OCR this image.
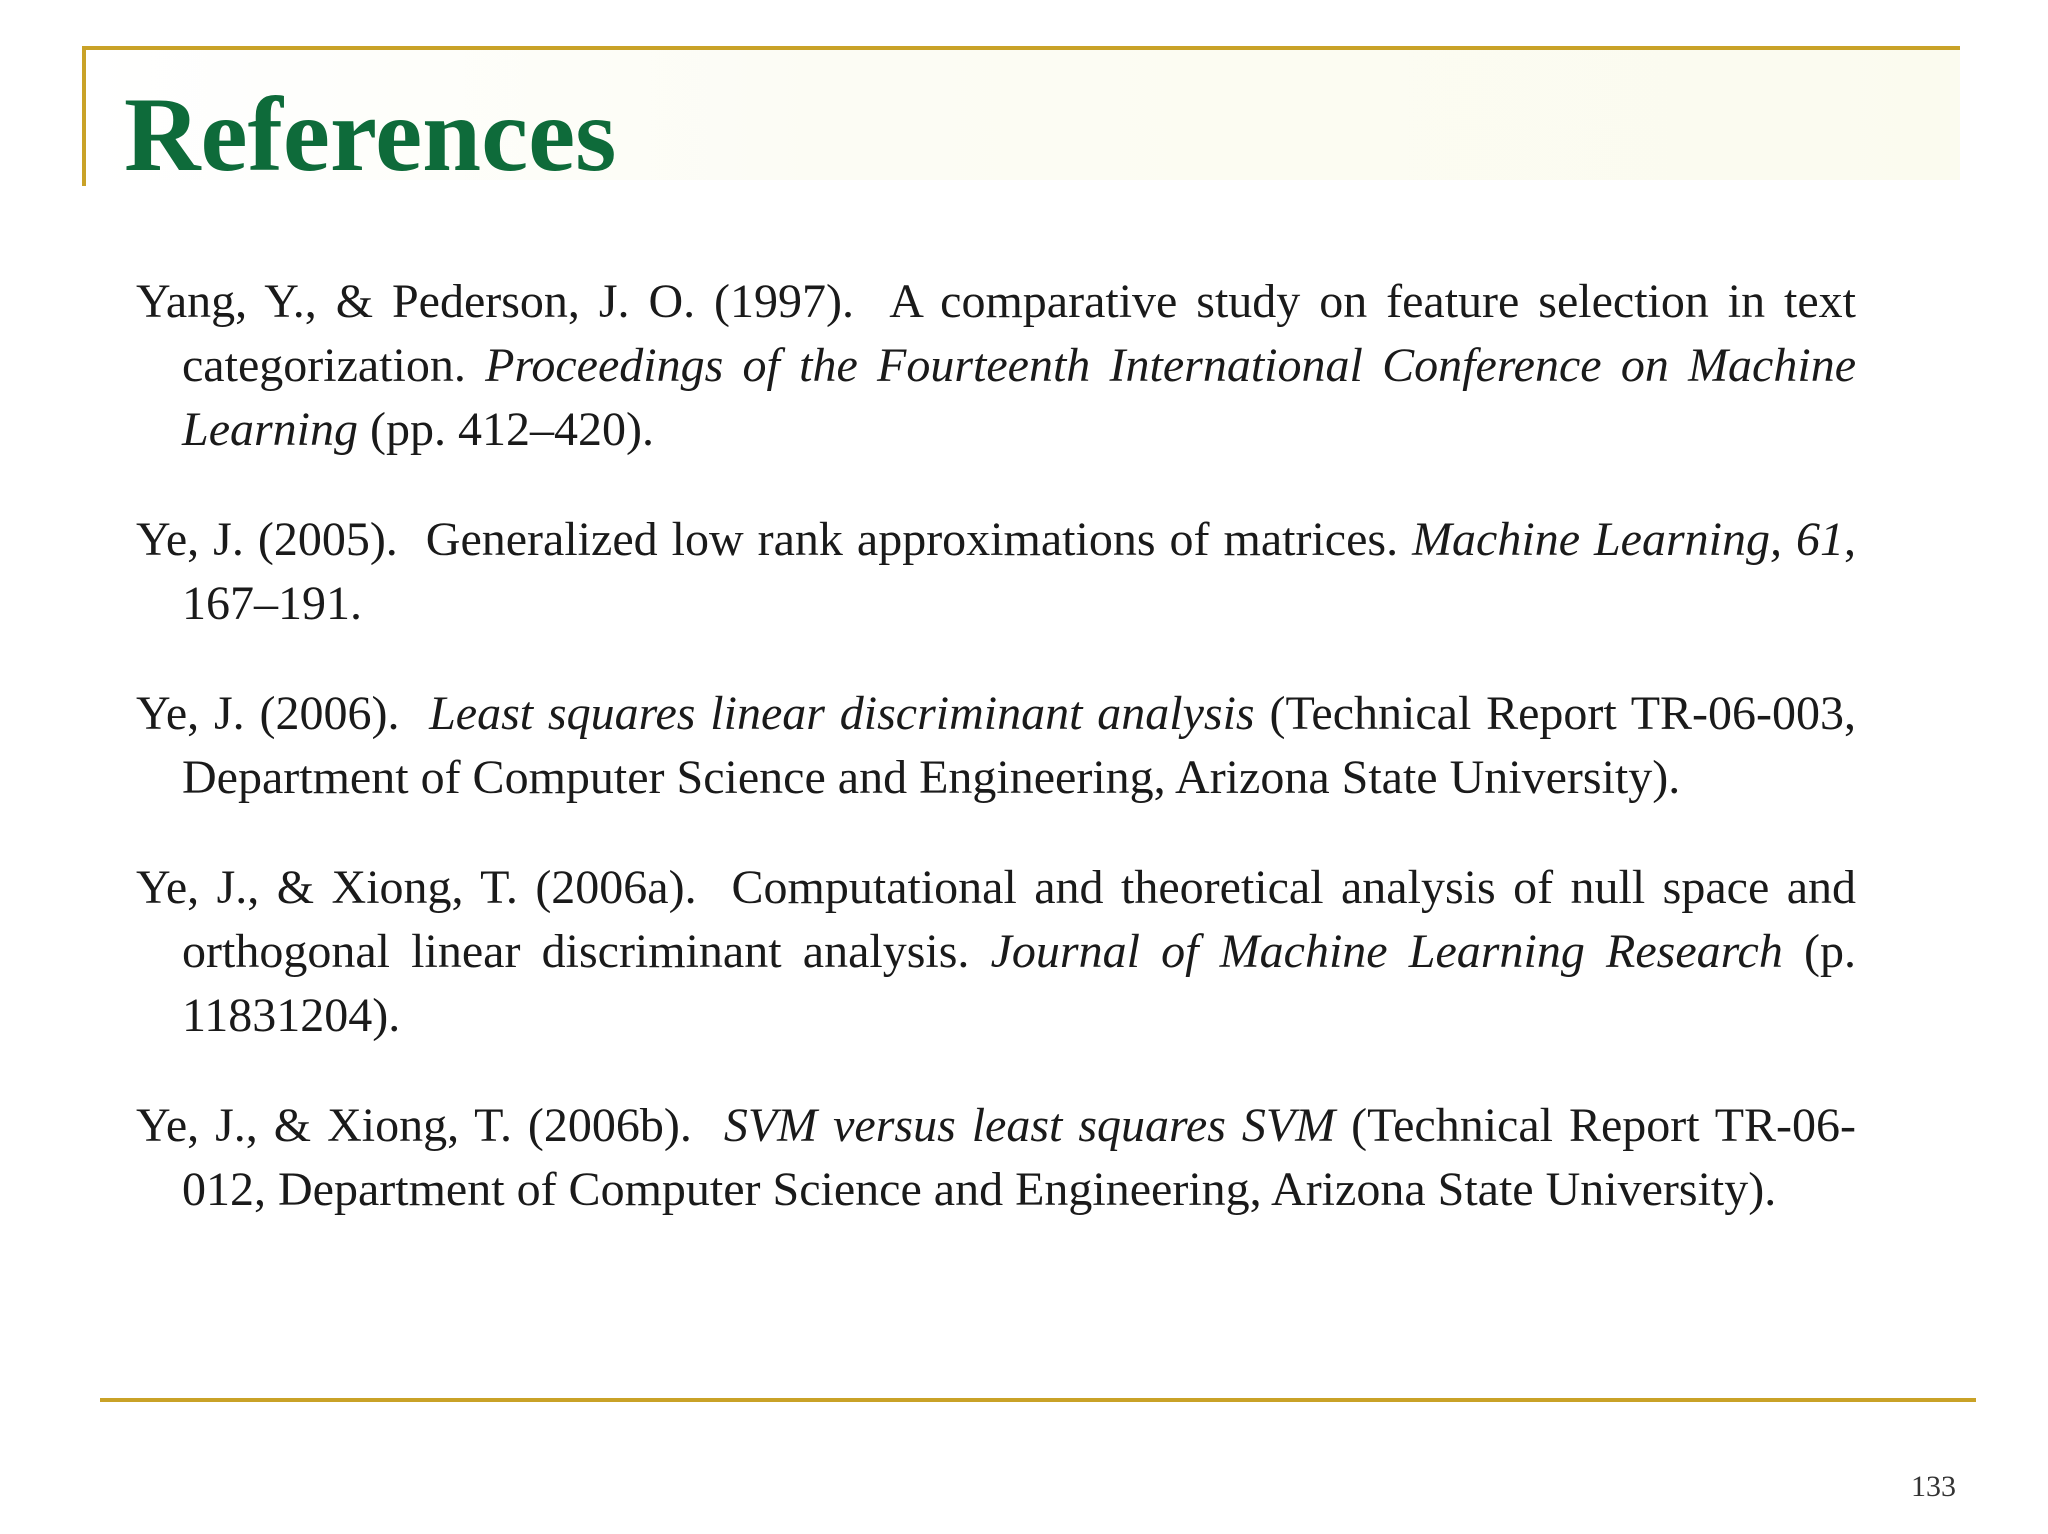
References
Yang, Y., & Pederson, J. O. (1997). A comparative study on feature selection in text categorization. Proceedings of the Fourteenth International Conference on Machine Learning (pp. 412–420).
Ye, J. (2005). Generalized low rank approximations of matrices. Machine Learning, 61, 167–191.
Ye, J. (2006). Least squares linear discriminant analysis (Technical Report TR-06-003, Department of Computer Science and Engineering, Arizona State University).
Ye, J., & Xiong, T. (2006a). Computational and theoretical analysis of null space and orthogonal linear discriminant analysis. Journal of Machine Learning Research (p. 11831204).
Ye, J., & Xiong, T. (2006b). SVM versus least squares SVM (Technical Report TR-06-012, Department of Computer Science and Engineering, Arizona State University).
133
